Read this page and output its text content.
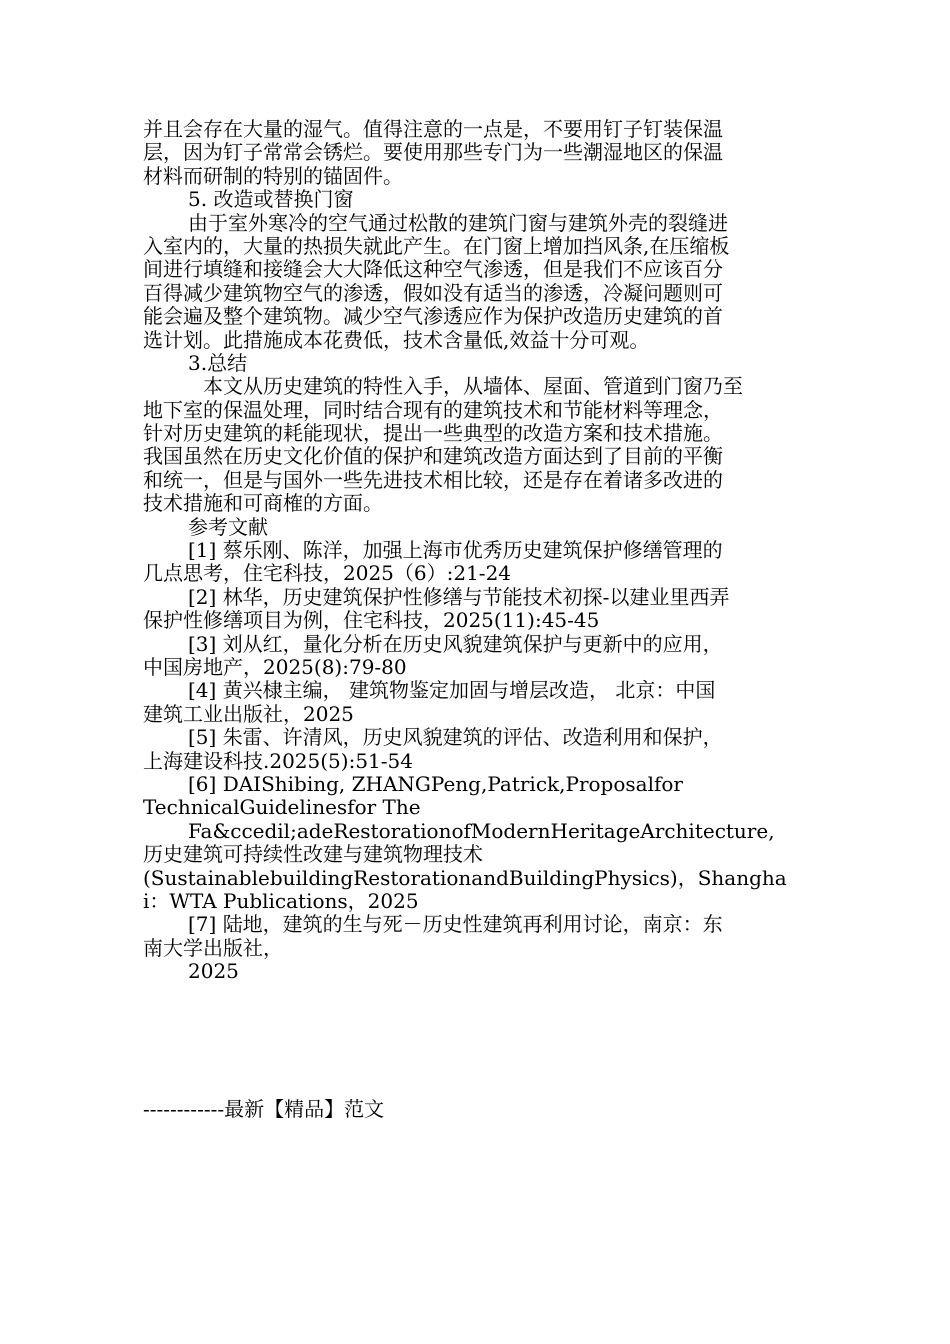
并且会存在大量的湿气。值得注意的一点是，不要用钉子钉装保温
层，因为钉子常常会锈烂。要使用那些专门为一些潮湿地区的保温
材料而研制的特别的锚固件。
5. 改造或替换门窗
由于室外寒冷的空气通过松散的建筑门窗与建筑外壳的裂缝进
入室内的，大量的热损失就此产生。在门窗上增加挡风条,在压缩板
间进行填缝和接缝会大大降低这种空气渗透，但是我们不应该百分
百得减少建筑物空气的渗透，假如没有适当的渗透，冷凝问题则可
能会遍及整个建筑物。减少空气渗透应作为保护改造历史建筑的首
选计划。此措施成本花费低，技术含量低,效益十分可观。
3.总结
本文从历史建筑的特性入手，从墙体、屋面、管道到门窗乃至
地下室的保温处理，同时结合现有的建筑技术和节能材料等理念，
针对历史建筑的耗能现状，提出一些典型的改造方案和技术措施。
我国虽然在历史文化价值的保护和建筑改造方面达到了目前的平衡
和统一，但是与国外一些先进技术相比较，还是存在着诸多改进的
技术措施和可商榷的方面。
参考文献
[1] 蔡乐刚、陈洋，加强上海市优秀历史建筑保护修缮管理的
几点思考，住宅科技，2025（6）:21-24
[2] 林华，历史建筑保护性修缮与节能技术初探-以建业里西弄
保护性修缮项目为例，住宅科技，2025(11):45-45
[3] 刘从红，量化分析在历史风貌建筑保护与更新中的应用，
中国房地产，2025(8):79-80
[4] 黄兴棣主编， 建筑物鉴定加固与增层改造， 北京：中国
建筑工业出版社，2025
[5] 朱雷、许清风，历史风貌建筑的评估、改造利用和保护，
上海建设科技.2025(5):51-54
[6] DAIShibing, ZHANGPeng,Patrick,Proposalfor
TechnicalGuidelinesfor The
Fa&ccedil;adeRestorationofModernHeritageArchitecture,
历史建筑可持续性改建与建筑物理技术
(SustainablebuildingRestorationandBuildingPhysics)，Shangha
i：WTA Publications，2025
[7] 陆地，建筑的生与死－历史性建筑再利用讨论，南京：东
南大学出版社，
2025
------------最新【精品】范文
